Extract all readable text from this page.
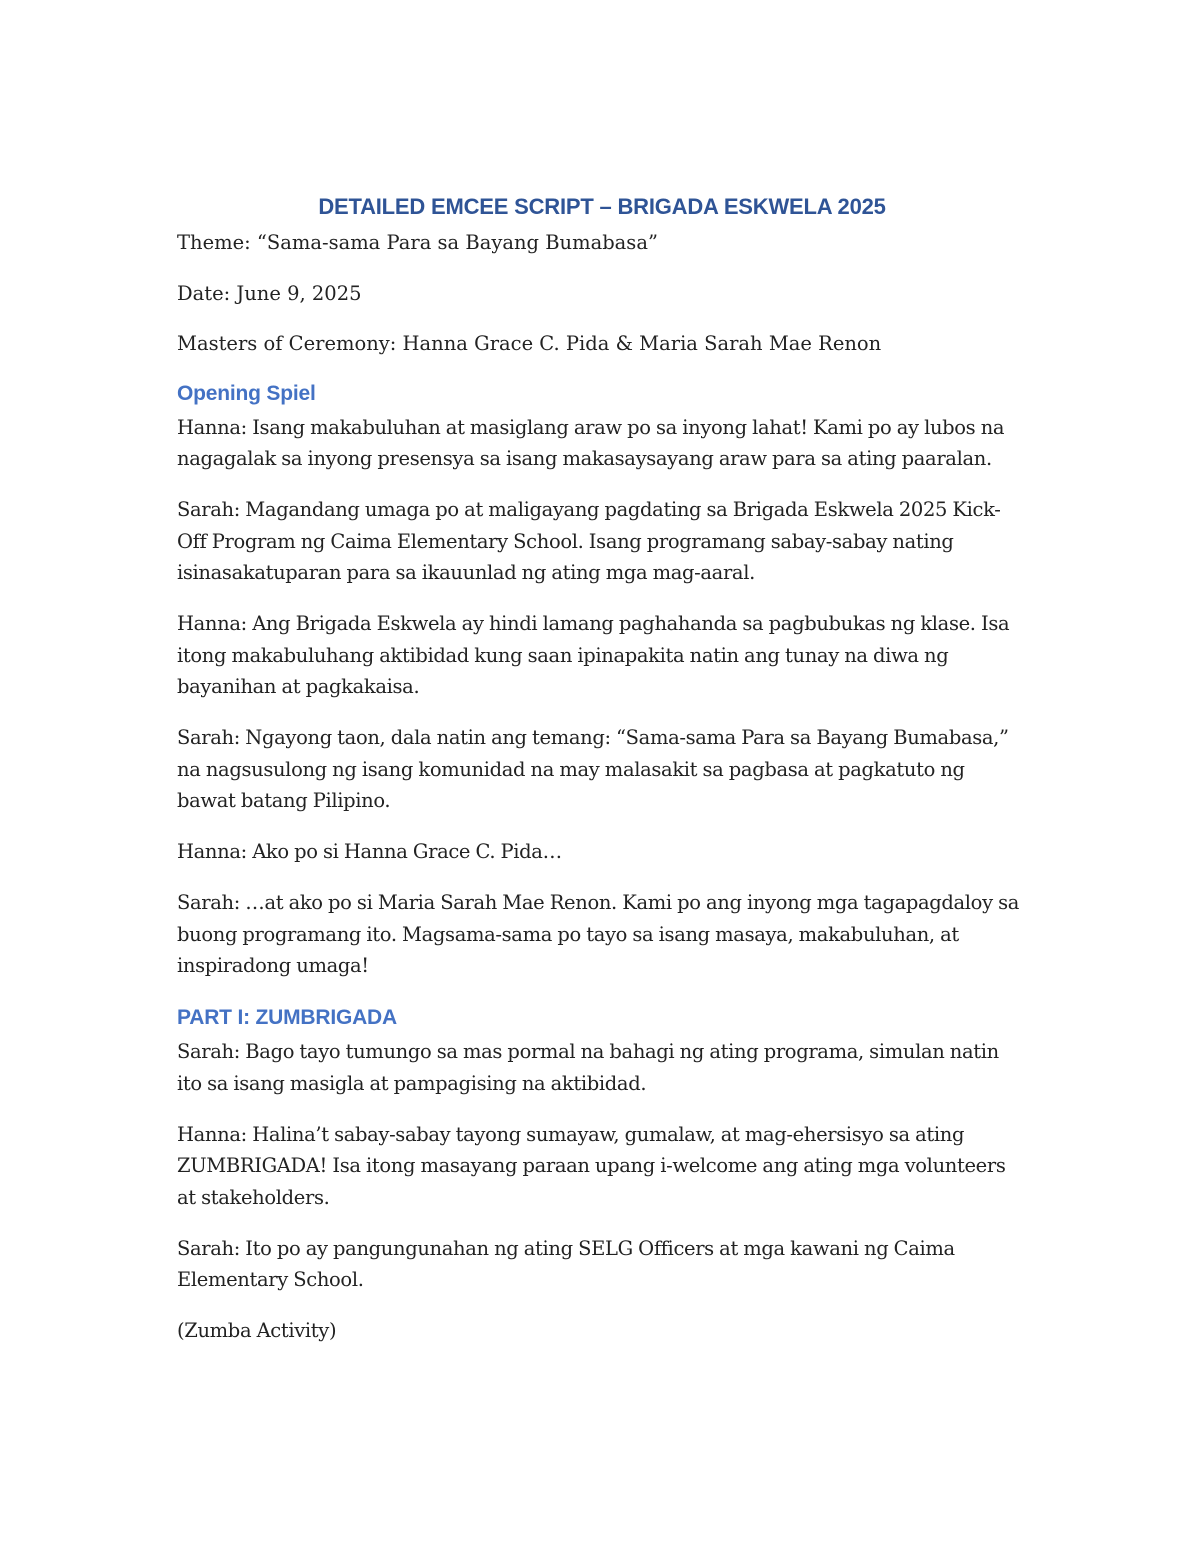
DETAILED EMCEE SCRIPT – BRIGADA ESKWELA 2025

Theme: “Sama-sama Para sa Bayang Bumabasa”

Date: June 9, 2025

Masters of Ceremony: Hanna Grace C. Pida & Maria Sarah Mae Renon

Opening Spiel

Hanna: Isang makabuluhan at masiglang araw po sa inyong lahat! Kami po ay lubos na nagagalak sa inyong presensya sa isang makasaysayang araw para sa ating paaralan.

Sarah: Magandang umaga po at maligayang pagdating sa Brigada Eskwela 2025 Kick-Off Program ng Caima Elementary School. Isang programang sabay-sabay nating isinasakatuparan para sa ikauunlad ng ating mga mag-aaral.

Hanna: Ang Brigada Eskwela ay hindi lamang paghahanda sa pagbubukas ng klase. Isa itong makabuluhang aktibidad kung saan ipinapakita natin ang tunay na diwa ng bayanihan at pagkakaisa.

Sarah: Ngayong taon, dala natin ang temang: “Sama-sama Para sa Bayang Bumabasa,” na nagsusulong ng isang komunidad na may malasakit sa pagbasa at pagkatuto ng bawat batang Pilipino.

Hanna: Ako po si Hanna Grace C. Pida…

Sarah: …at ako po si Maria Sarah Mae Renon. Kami po ang inyong mga tagapagdaloy sa buong programang ito. Magsama-sama po tayo sa isang masaya, makabuluhan, at inspiradong umaga!

PART I: ZUMBRIGADA

Sarah: Bago tayo tumungo sa mas pormal na bahagi ng ating programa, simulan natin ito sa isang masigla at pampagising na aktibidad.

Hanna: Halina’t sabay-sabay tayong sumayaw, gumalaw, at mag-ehersisyo sa ating ZUMBRIGADA! Isa itong masayang paraan upang i-welcome ang ating mga volunteers at stakeholders.

Sarah: Ito po ay pangungunahan ng ating SELG Officers at mga kawani ng Caima Elementary School.

(Zumba Activity)
